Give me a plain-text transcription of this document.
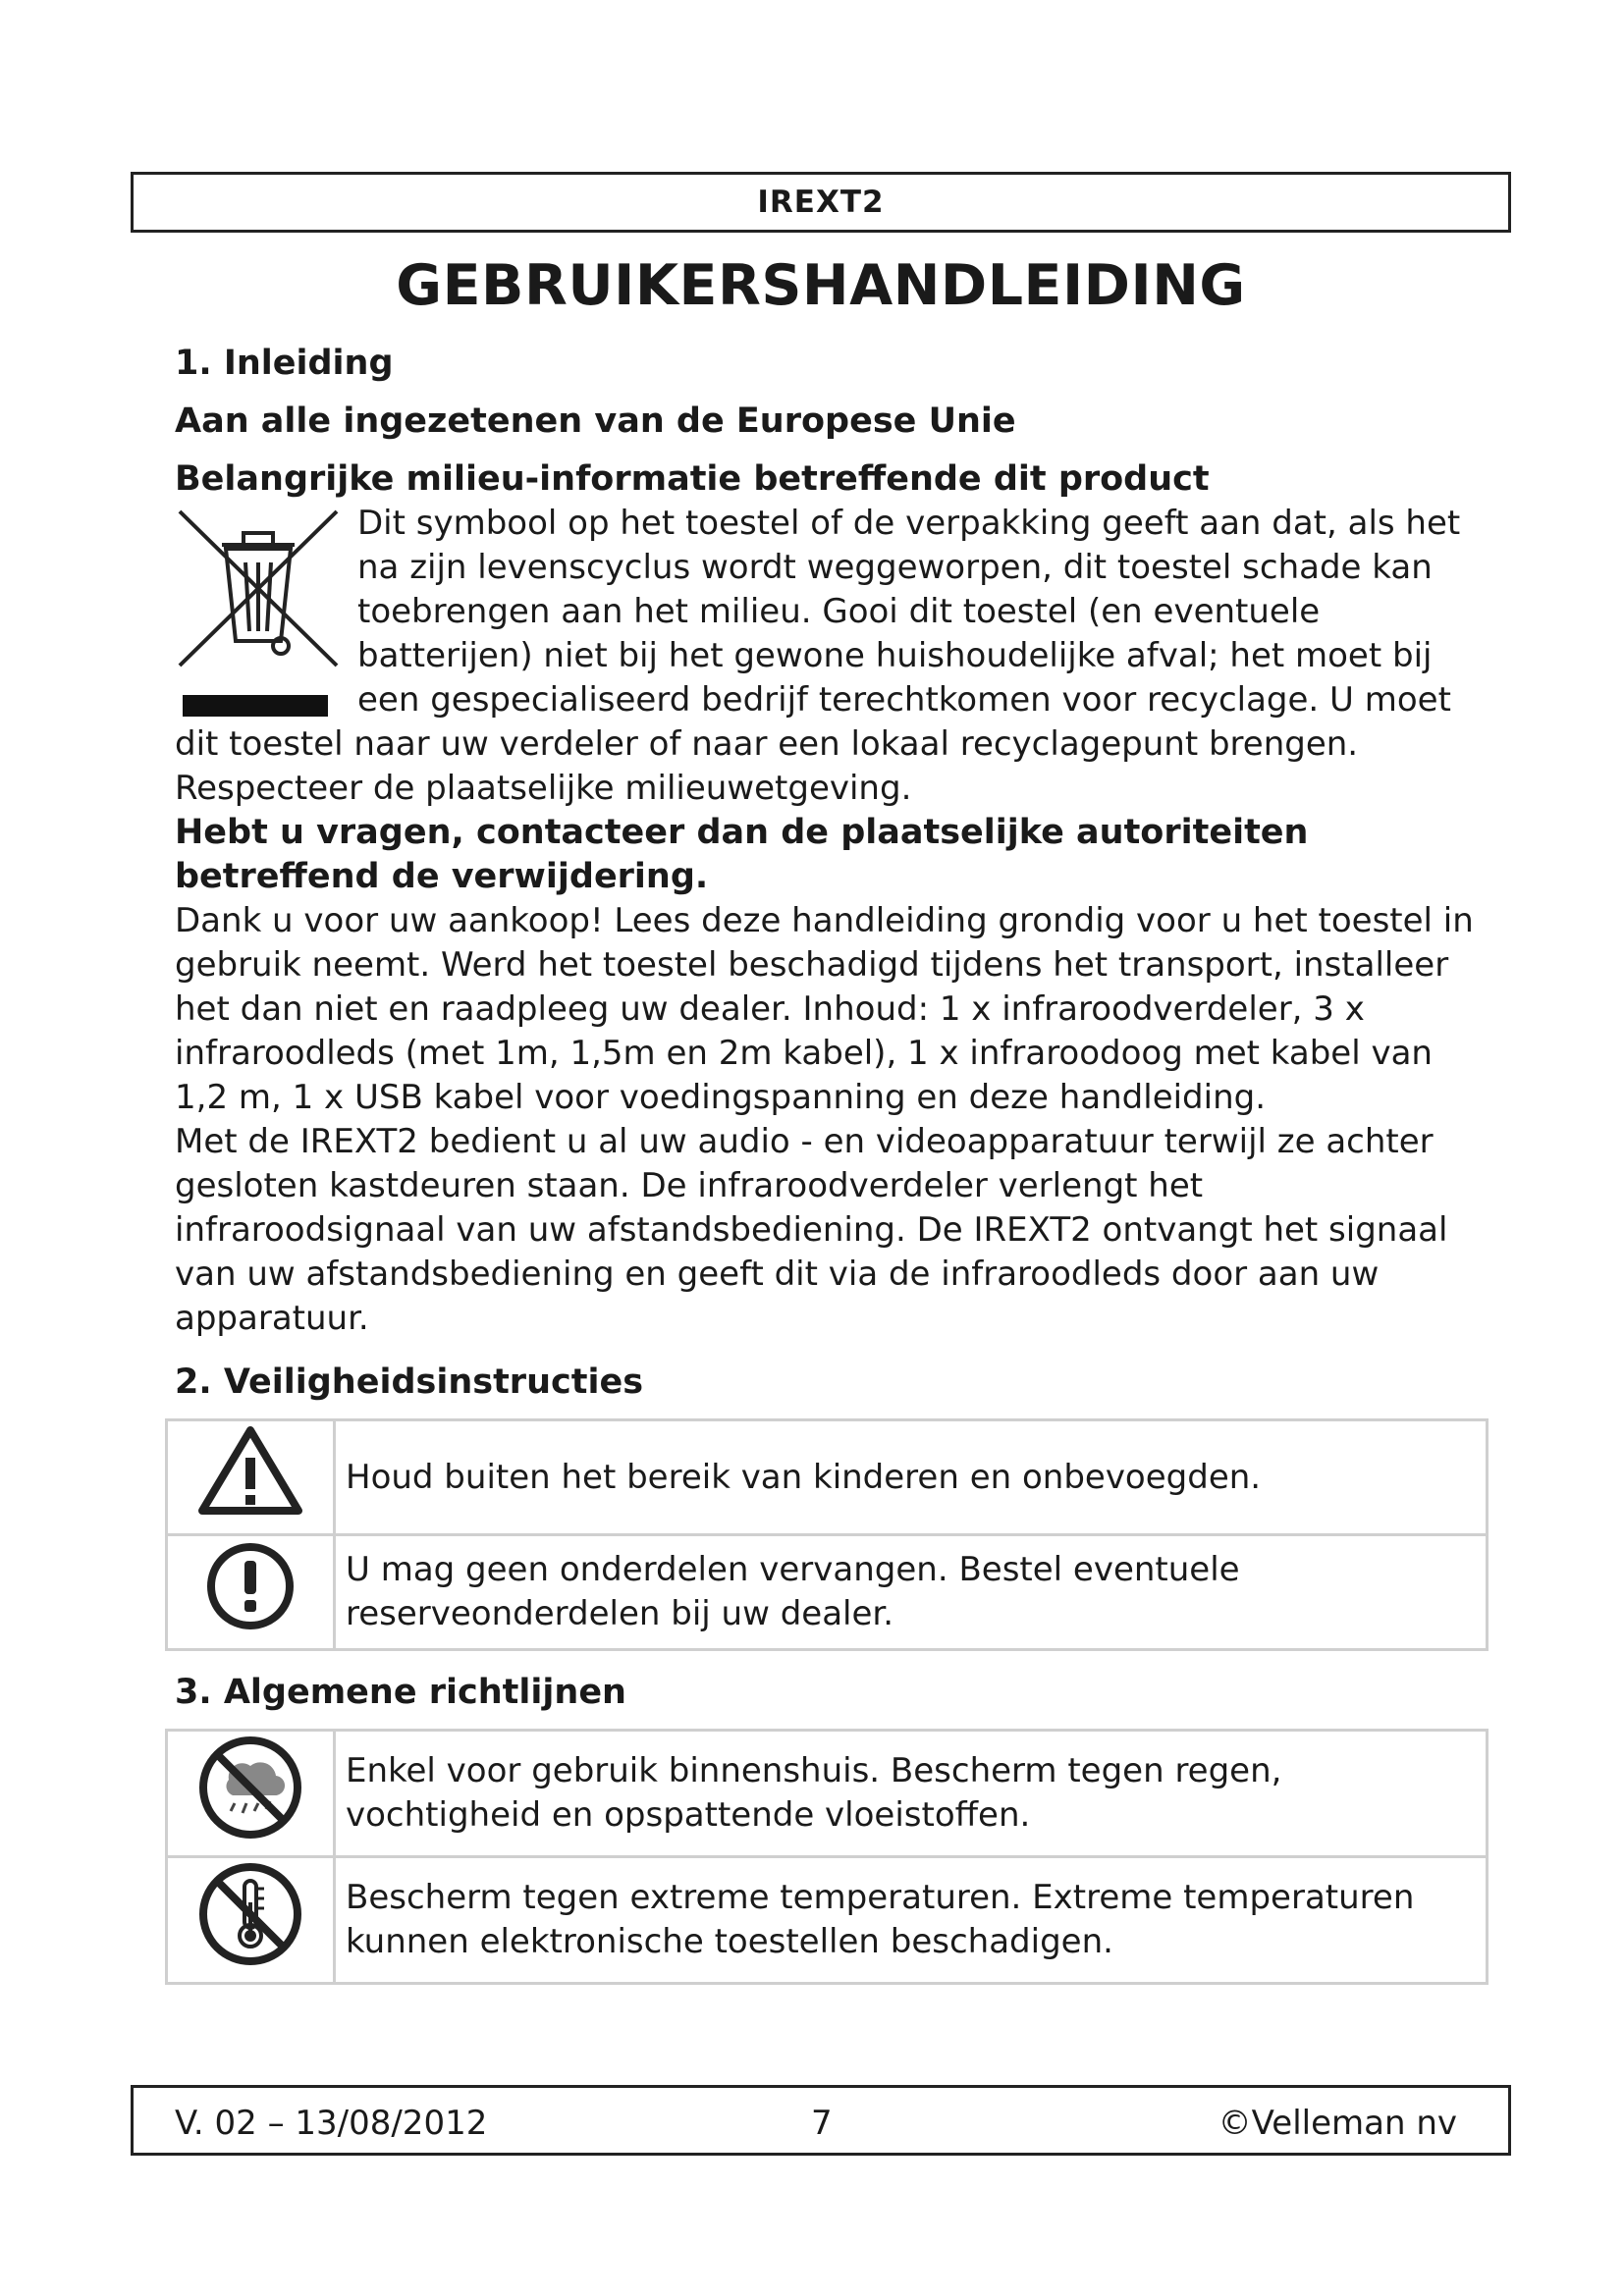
IREXT2
GEBRUIKERSHANDLEIDING
1. Inleiding
Aan alle ingezetenen van de Europese Unie
Belangrijke milieu-informatie betreffende dit product

Dit symbool op het toestel of de verpakking geeft aan dat, als het na zijn levenscyclus wordt weggeworpen, dit toestel schade kan toebrengen aan het milieu. Gooi dit toestel (en eventuele batterijen) niet bij het gewone huishoudelijke afval; het moet bij een gespecialiseerd bedrijf terechtkomen voor recyclage. U moet dit toestel naar uw verdeler of naar een lokaal recyclagepunt brengen. Respecteer de plaatselijke milieuwetgeving.

Hebt u vragen, contacteer dan de plaatselijke autoriteiten betreffend de verwijdering.

Dank u voor uw aankoop! Lees deze handleiding grondig voor u het toestel in gebruik neemt. Werd het toestel beschadigd tijdens het transport, installeer het dan niet en raadpleeg uw dealer. Inhoud: 1 x infraroodverdeler, 3 x infraroodleds (met 1m, 1,5m en 2m kabel), 1 x infraroodoog met kabel van 1,2 m, 1 x USB kabel voor voedingspanning en deze handleiding.

Met de IREXT2 bedient u al uw audio - en videoapparatuur terwijl ze achter gesloten kastdeuren staan. De infraroodverdeler verlengt het infraroodsignaal van uw afstandsbediening. De IREXT2 ontvangt het signaal van uw afstandsbediening en geeft dit via de infraroodleds door aan uw apparatuur.

2. Veiligheidsinstructies
	Houd buiten het bereik van kinderen en onbevoegden.
	U mag geen onderdelen vervangen. Bestel eventuele reserveonderdelen bij uw dealer.
3. Algemene richtlijnen
	Enkel voor gebruik binnenshuis. Bescherm tegen regen, vochtigheid en opspattende vloeistoffen.
	Bescherm tegen extreme temperaturen. Extreme temperaturen kunnen elektronische toestellen beschadigen.
V. 02 – 13/08/2012	7	©Velleman nv
